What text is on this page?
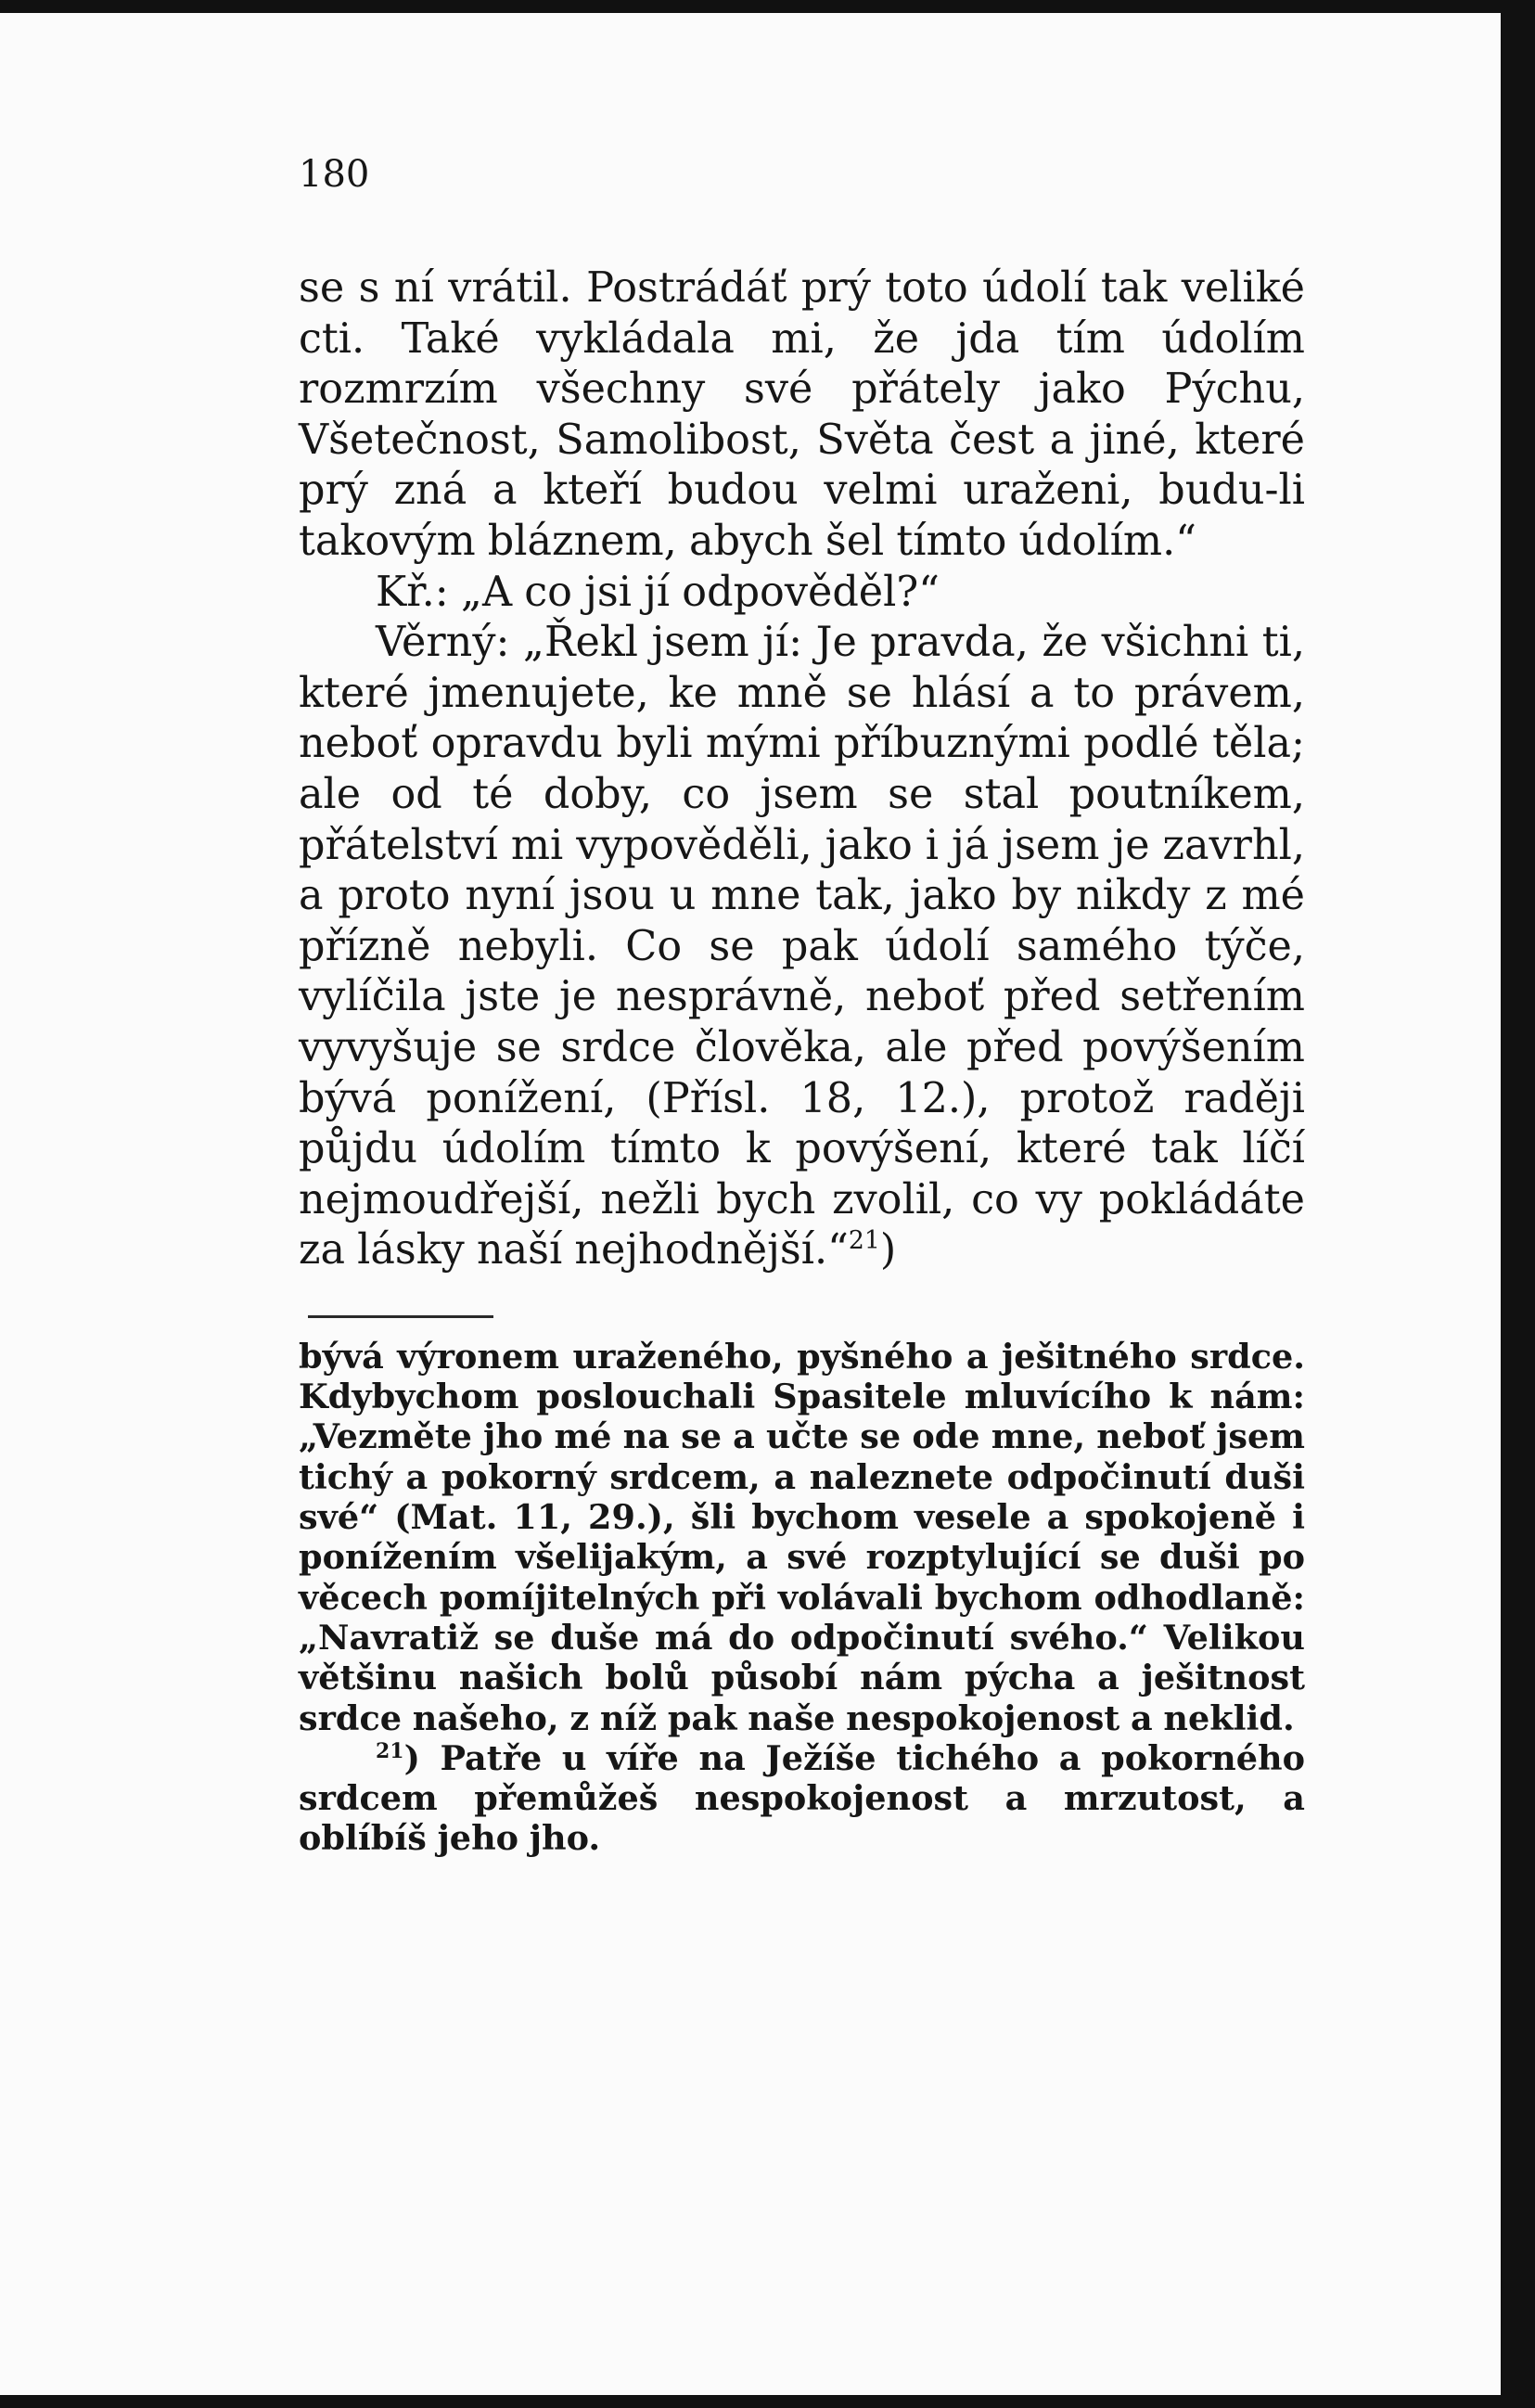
180

se s ní vrátil. Postrádáť prý toto údolí tak veliké cti. Také vykládala mi, že jda tím údolím rozmrzím všechny své přátely jako Pýchu, Všetečnost, Samolibost, Světa čest a jiné, které prý zná a kteří budou velmi uraženi, budu-li takovým bláznem, abych šel tímto údolím.“

Kř.: „A co jsi jí odpověděl?“

Věrný: „Řekl jsem jí: Je pravda, že všichni ti, které jmenujete, ke mně se hlásí a to právem, neboť opravdu byli mými příbuznými podlé těla; ale od té doby, co jsem se stal poutníkem, přátelství mi vypověděli, jako i já jsem je zavrhl, a proto nyní jsou u mne tak, jako by nikdy z mé přízně nebyli. Co se pak údolí samého týče, vylíčila jste je nesprávně, neboť před setřením vyvyšuje se srdce člověka, ale před povýšením bývá ponížení, (Přísl. 18, 12.), protož raději půjdu údolím tímto k povýšení, které tak líčí nejmoudřejší, nežli bych zvolil, co vy pokládáte za lásky naší nejhodnější.“$^{21}$)

bývá výronem uraženého, pyšného a ješitného srdce. Kdybychom poslouchali Spasitele mluvícího k nám: „Vezměte jho mé na se a učte se ode mne, neboť jsem tichý a pokorný srdcem, a naleznete odpočinutí duši své“ (Mat. 11, 29.), šli bychom vesele a spokojeně i ponížením všelijakým, a své rozptylující se duši po věcech pomíjitelných při volávali bychom odhodlaně: „Navratiž se duše má do odpočinutí svého.“ Velikou většinu našich bolů působí nám pýcha a ješitnost srdce našeho, z níž pak naše nespokojenost a neklid.

$^{21}$) Patře u víře na Ježíše tichého a pokorného srdcem přemůžeš nespokojenost a mrzutost, a oblíbíš jeho jho.
